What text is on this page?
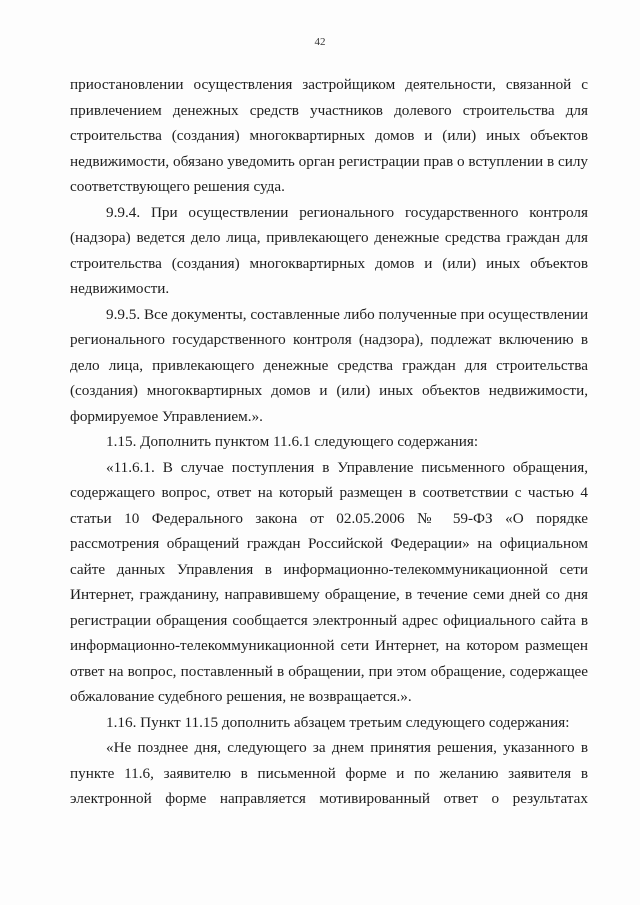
42
приостановлении осуществления застройщиком деятельности, связанной с
привлечением денежных средств участников долевого строительства для
строительства (создания) многоквартирных домов и (или) иных объектов
недвижимости, обязано уведомить орган регистрации прав о вступлении в силу
соответствующего решения суда.
9.9.4. При осуществлении регионального государственного контроля
(надзора) ведется дело лица, привлекающего денежные средства граждан для
строительства (создания) многоквартирных домов и (или) иных объектов
недвижимости.
9.9.5. Все документы, составленные либо полученные при осуществлении
регионального государственного контроля (надзора), подлежат включению в
дело лица, привлекающего денежные средства граждан для строительства
(создания) многоквартирных домов и (или) иных объектов недвижимости,
формируемое Управлением.».
1.15. Дополнить пунктом 11.6.1 следующего содержания:
«11.6.1. В случае поступления в Управление письменного обращения,
содержащего вопрос, ответ на который размещен в соответствии с частью 4
статьи 10 Федерального закона от 02.05.2006 № 59-ФЗ «О порядке
рассмотрения обращений граждан Российской Федерации» на официальном
сайте данных Управления в информационно-телекоммуникационной сети
Интернет, гражданину, направившему обращение, в течение семи дней со дня
регистрации обращения сообщается электронный адрес официального сайта в
информационно-телекоммуникационной сети Интернет, на котором размещен
ответ на вопрос, поставленный в обращении, при этом обращение, содержащее
обжалование судебного решения, не возвращается.».
1.16. Пункт 11.15 дополнить абзацем третьим следующего содержания:
«Не позднее дня, следующего за днем принятия решения, указанного в
пункте 11.6, заявителю в письменной форме и по желанию заявителя в
электронной форме направляется мотивированный ответ о результатах
